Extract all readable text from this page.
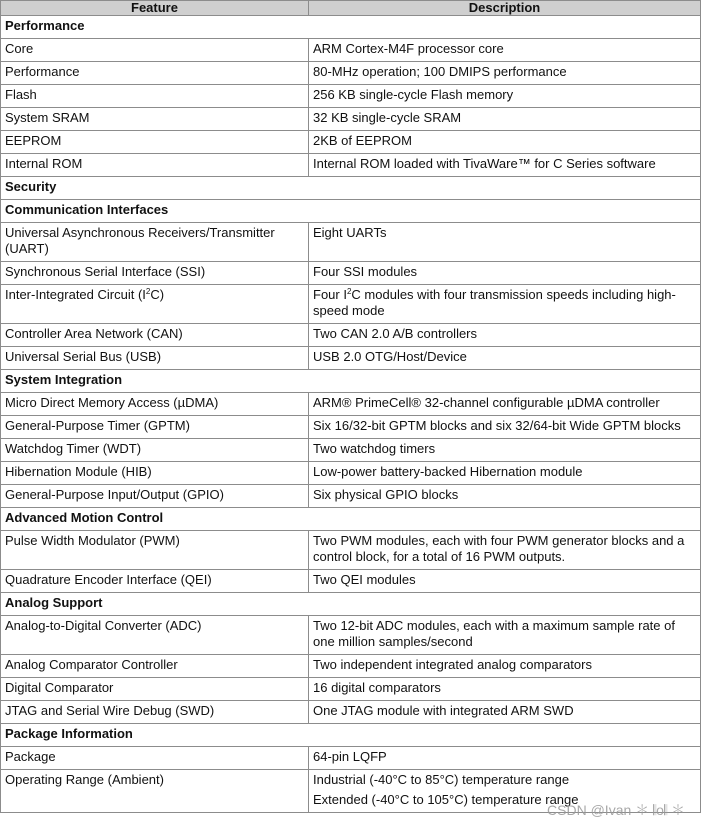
Feature	Description
Performance	
Core	ARM Cortex-M4F processor core
Performance	80-MHz operation; 100 DMIPS performance
Flash	256 KB single-cycle Flash memory
System SRAM	32 KB single-cycle SRAM
EEPROM	2KB of EEPROM
Internal ROM	Internal ROM loaded with TivaWare™ for C Series software
Security	
Communication Interfaces	
Universal Asynchronous Receivers/Transmitter (UART)	Eight UARTs
Synchronous Serial Interface (SSI)	Four SSI modules
Inter-Integrated Circuit $(I^2C)$	Four $I^2C$ modules with four transmission speeds including high-speed mode
Controller Area Network (CAN)	Two CAN 2.0 A/B controllers
Universal Serial Bus (USB)	USB 2.0 OTG/Host/Device
System Integration	
Micro Direct Memory Access (µDMA)	ARM® PrimeCell® 32-channel configurable µDMA controller
General-Purpose Timer (GPTM)	Six 16/32-bit GPTM blocks and six 32/64-bit Wide GPTM blocks
Watchdog Timer (WDT)	Two watchdog timers
Hibernation Module (HIB)	Low-power battery-backed Hibernation module
General-Purpose Input/Output (GPIO)	Six physical GPIO blocks
Advanced Motion Control	
Pulse Width Modulator (PWM)	Two PWM modules, each with four PWM generator blocks and a control block, for a total of 16 PWM outputs.
Quadrature Encoder Interface (QEI)	Two QEI modules
Analog Support	
Analog-to-Digital Converter (ADC)	Two 12-bit ADC modules, each with a maximum sample rate of one million samples/second
Analog Comparator Controller	Two independent integrated analog comparators
Digital Comparator	16 digital comparators
JTAG and Serial Wire Debug (SWD)	One JTAG module with integrated ARM SWD
Package Information	
Package	64-pin LQFP
Operating Range (Ambient)	Industrial (-40°C to 85°C) temperature range
Extended (-40°C to 105°C) temperature range
CSDN @Ivan ＊ 𝄃o𝄃 ＊
